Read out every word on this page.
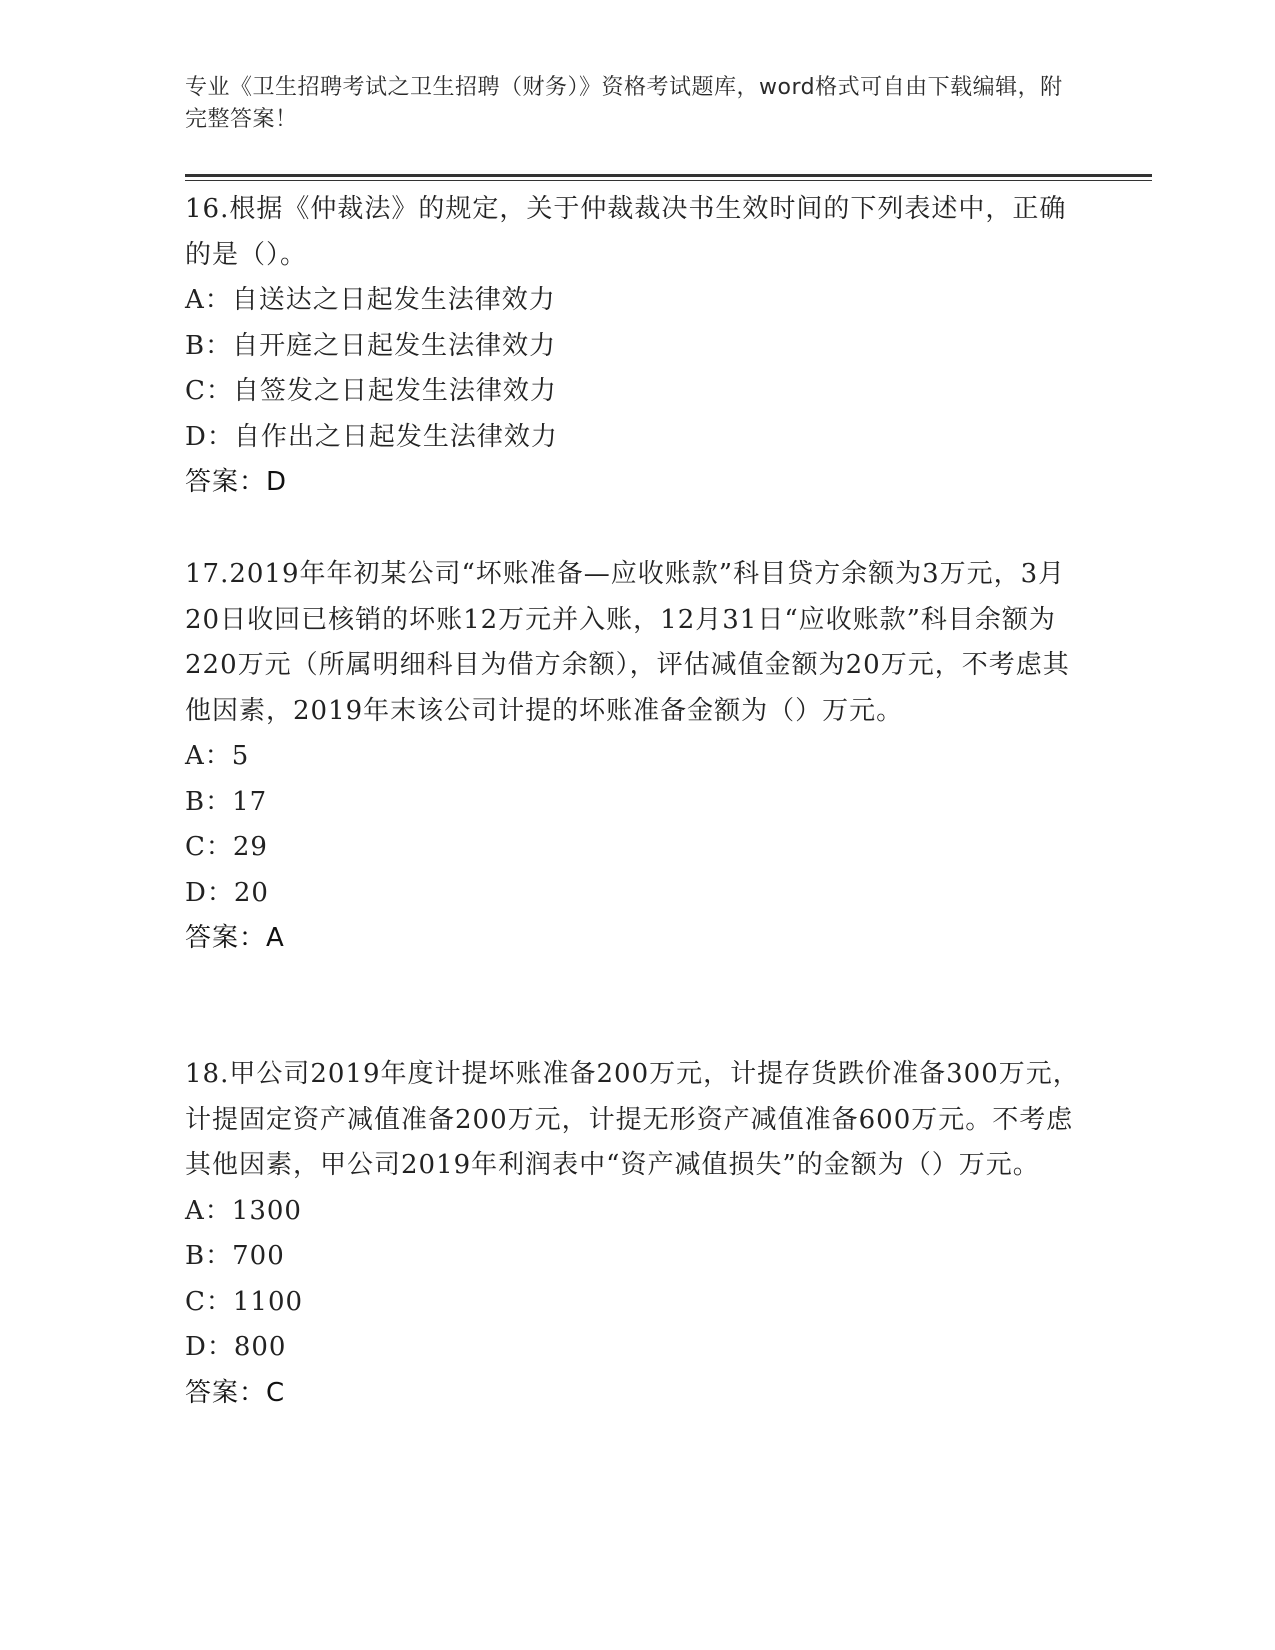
专业《卫生招聘考试之卫生招聘（财务）》资格考试题库，word格式可自由下载编辑，附完整答案！

16.根据《仲裁法》的规定，关于仲裁裁决书生效时间的下列表述中，正确的是（）。

A：自送达之日起发生法律效力
B：自开庭之日起发生法律效力
C：自签发之日起发生法律效力
D：自作出之日起发生法律效力
答案：D

17.2019年年初某公司“坏账准备—应收账款”科目贷方余额为3万元，3月20日收回已核销的坏账12万元并入账，12月31日“应收账款”科目余额为220万元（所属明细科目为借方余额），评估减值金额为20万元，不考虑其他因素，2019年末该公司计提的坏账准备金额为（）万元。

A：5
B：17
C：29
D：20
答案：A

18.甲公司2019年度计提坏账准备200万元，计提存货跌价准备300万元，计提固定资产减值准备200万元，计提无形资产减值准备600万元。不考虑其他因素，甲公司2019年利润表中“资产减值损失”的金额为（）万元。

A：1300
B：700
C：1100
D：800
答案：C
